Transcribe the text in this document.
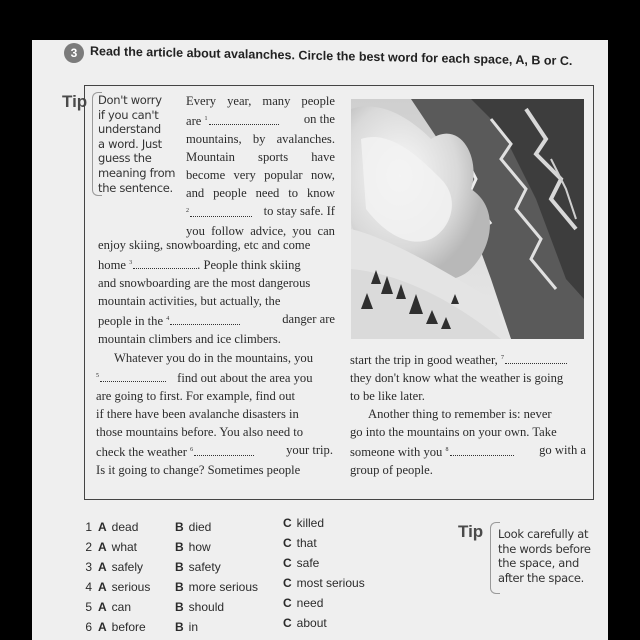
3	Read the article about avalanches. Circle the best word for each space, A, B or C.
Tip Don't worry
if you can't
understand
a word. Just
guess the
meaning from
the sentence.
Every year, many people
are $^1$	on the
mountains, by avalanches.
Mountain sports have
become very popular now,
and people need to know
$^2$	to stay safe. If
you follow advice, you can
enjoy skiing, snowboarding, etc and come
home $^3$	. People think skiing
and snowboarding are the most dangerous
mountain activities, but actually, the
people in the $^4$	danger are
mountain climbers and ice climbers.
Whatever you do in the mountains, you
$^5$	find out about the area you
are going to first. For example, find out
if there have been avalanche disasters in
those mountains before. You also need to
check the weather $^6$	your trip.
Is it going to change? Sometimes people
start the trip in good weather, $^7$
they don't know what the weather is going
to be like later.
Another thing to remember is: never
go into the mountains on your own. Take
someone with you $^8$	go with a
group of people.
1 A dead	B died	C killed
2 A what	B how	C that
3 A safely	B safety	C safe
4 A serious B more serious C most serious
5 A can	B should	C need
6 A before B in	C about
Tip Look carefully at
the words before
the space, and
after the space.
